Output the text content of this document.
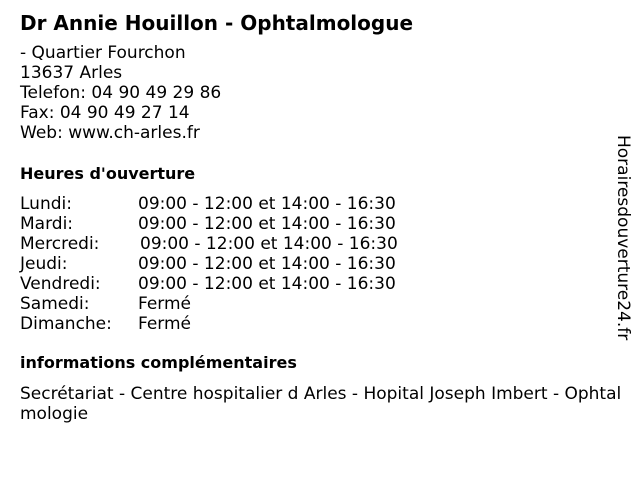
Dr Annie Houillon - Ophtalmologue
- Quartier Fourchon
13637 Arles
Telefon: 04 90 49 29 86
Fax: 04 90 49 27 14
Web: www.ch-arles.fr
Heures d'ouverture
Lundi:	09:00 - 12:00 et 14:00 - 16:30
Mardi:	09:00 - 12:00 et 14:00 - 16:30
Mercredi: 09:00 - 12:00 et 14:00 - 16:30
Jeudi:	09:00 - 12:00 et 14:00 - 16:30
Vendredi: 09:00 - 12:00 et 14:00 - 16:30
Samedi:	Fermé
Dimanche: Fermé
informations complémentaires
Secrétariat - Centre hospitalier d Arles - Hopital Joseph Imbert - Ophtalmologie
Horairesdouverture24.fr
